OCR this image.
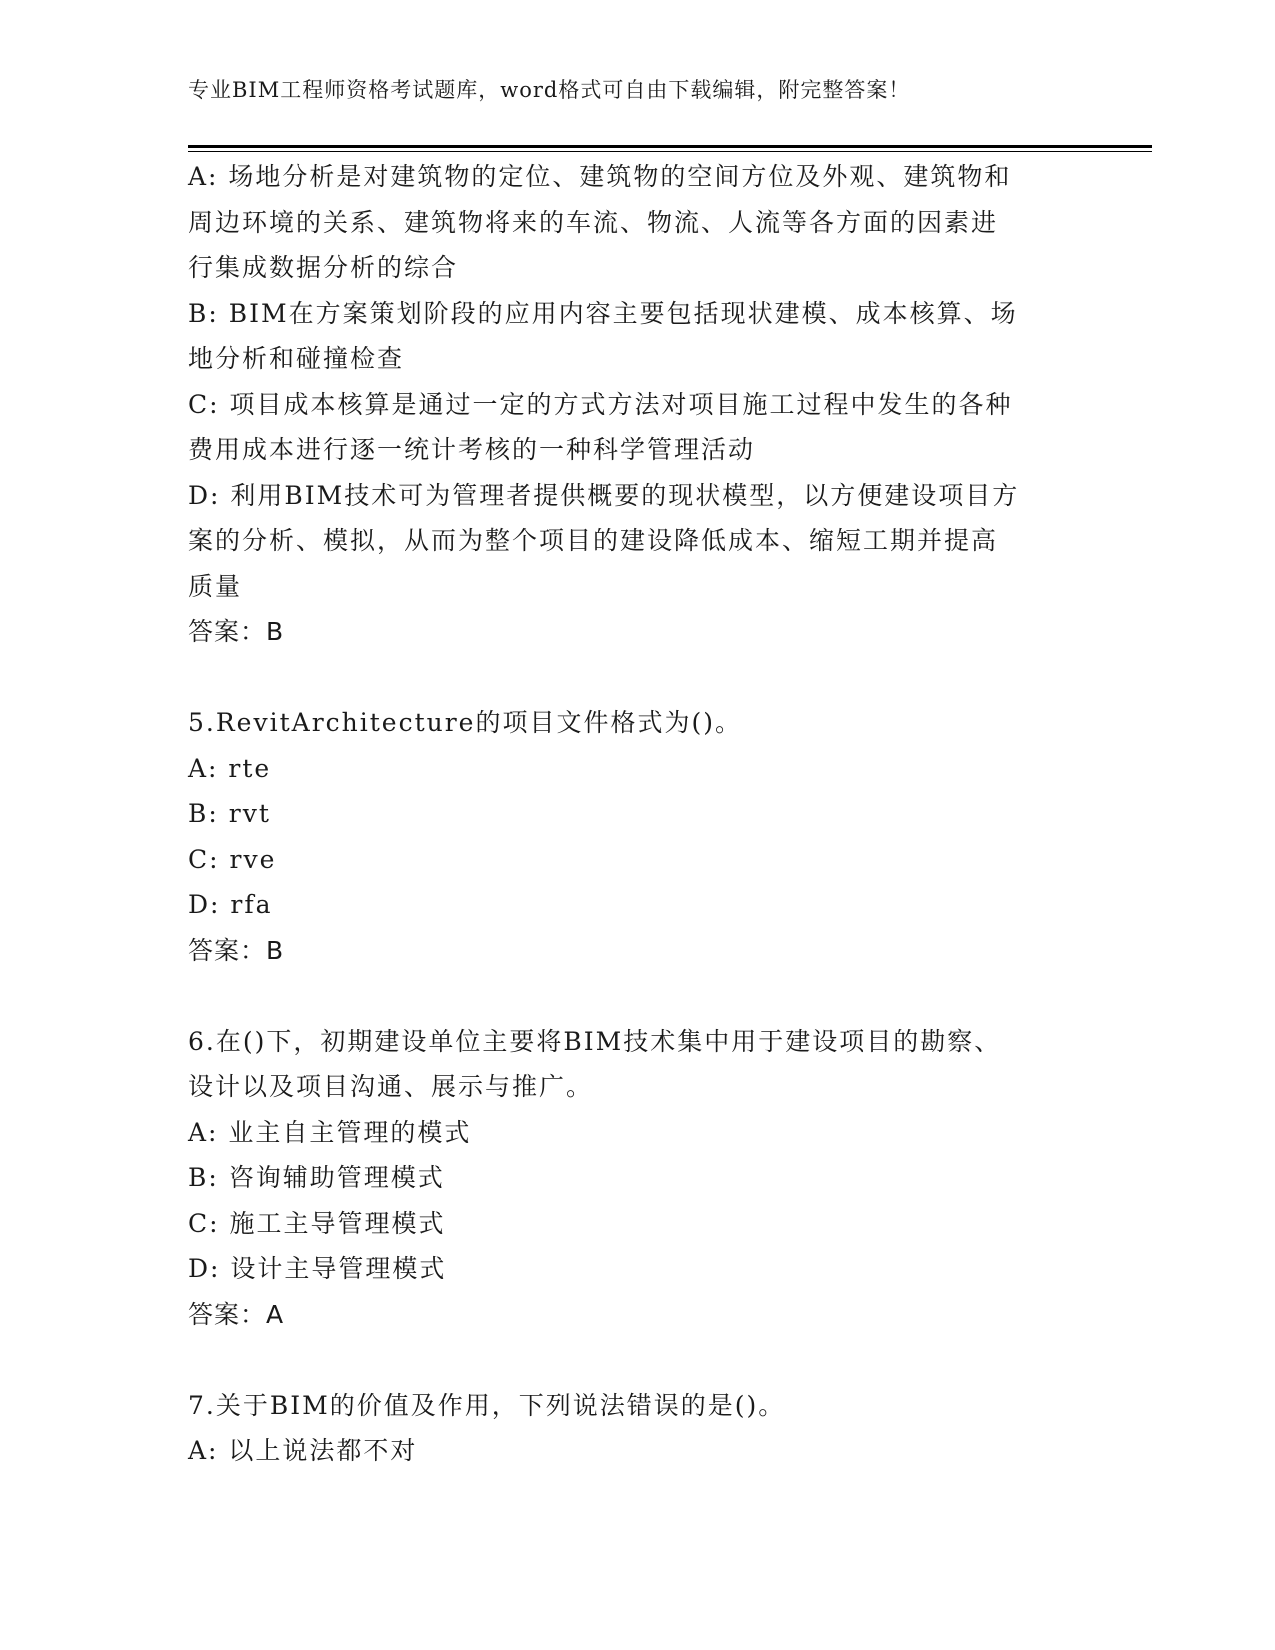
专业BIM工程师资格考试题库，word格式可自由下载编辑，附完整答案！
A: 场地分析是对建筑物的定位、建筑物的空间方位及外观、建筑物和
周边环境的关系、建筑物将来的车流、物流、人流等各方面的因素进
行集成数据分析的综合
B: BIM在方案策划阶段的应用内容主要包括现状建模、成本核算、场
地分析和碰撞检查
C: 项目成本核算是通过一定的方式方法对项目施工过程中发生的各种
费用成本进行逐一统计考核的一种科学管理活动
D: 利用BIM技术可为管理者提供概要的现状模型，以方便建设项目方
案的分析、模拟，从而为整个项目的建设降低成本、缩短工期并提高
质量
答案：B
5.RevitArchitecture的项目文件格式为()。
A: rte
B: rvt
C: rve
D: rfa
答案：B
6.在()下，初期建设单位主要将BIM技术集中用于建设项目的勘察、
设计以及项目沟通、展示与推广。
A: 业主自主管理的模式
B: 咨询辅助管理模式
C: 施工主导管理模式
D: 设计主导管理模式
答案：A
7.关于BIM的价值及作用，下列说法错误的是()。
A: 以上说法都不对
